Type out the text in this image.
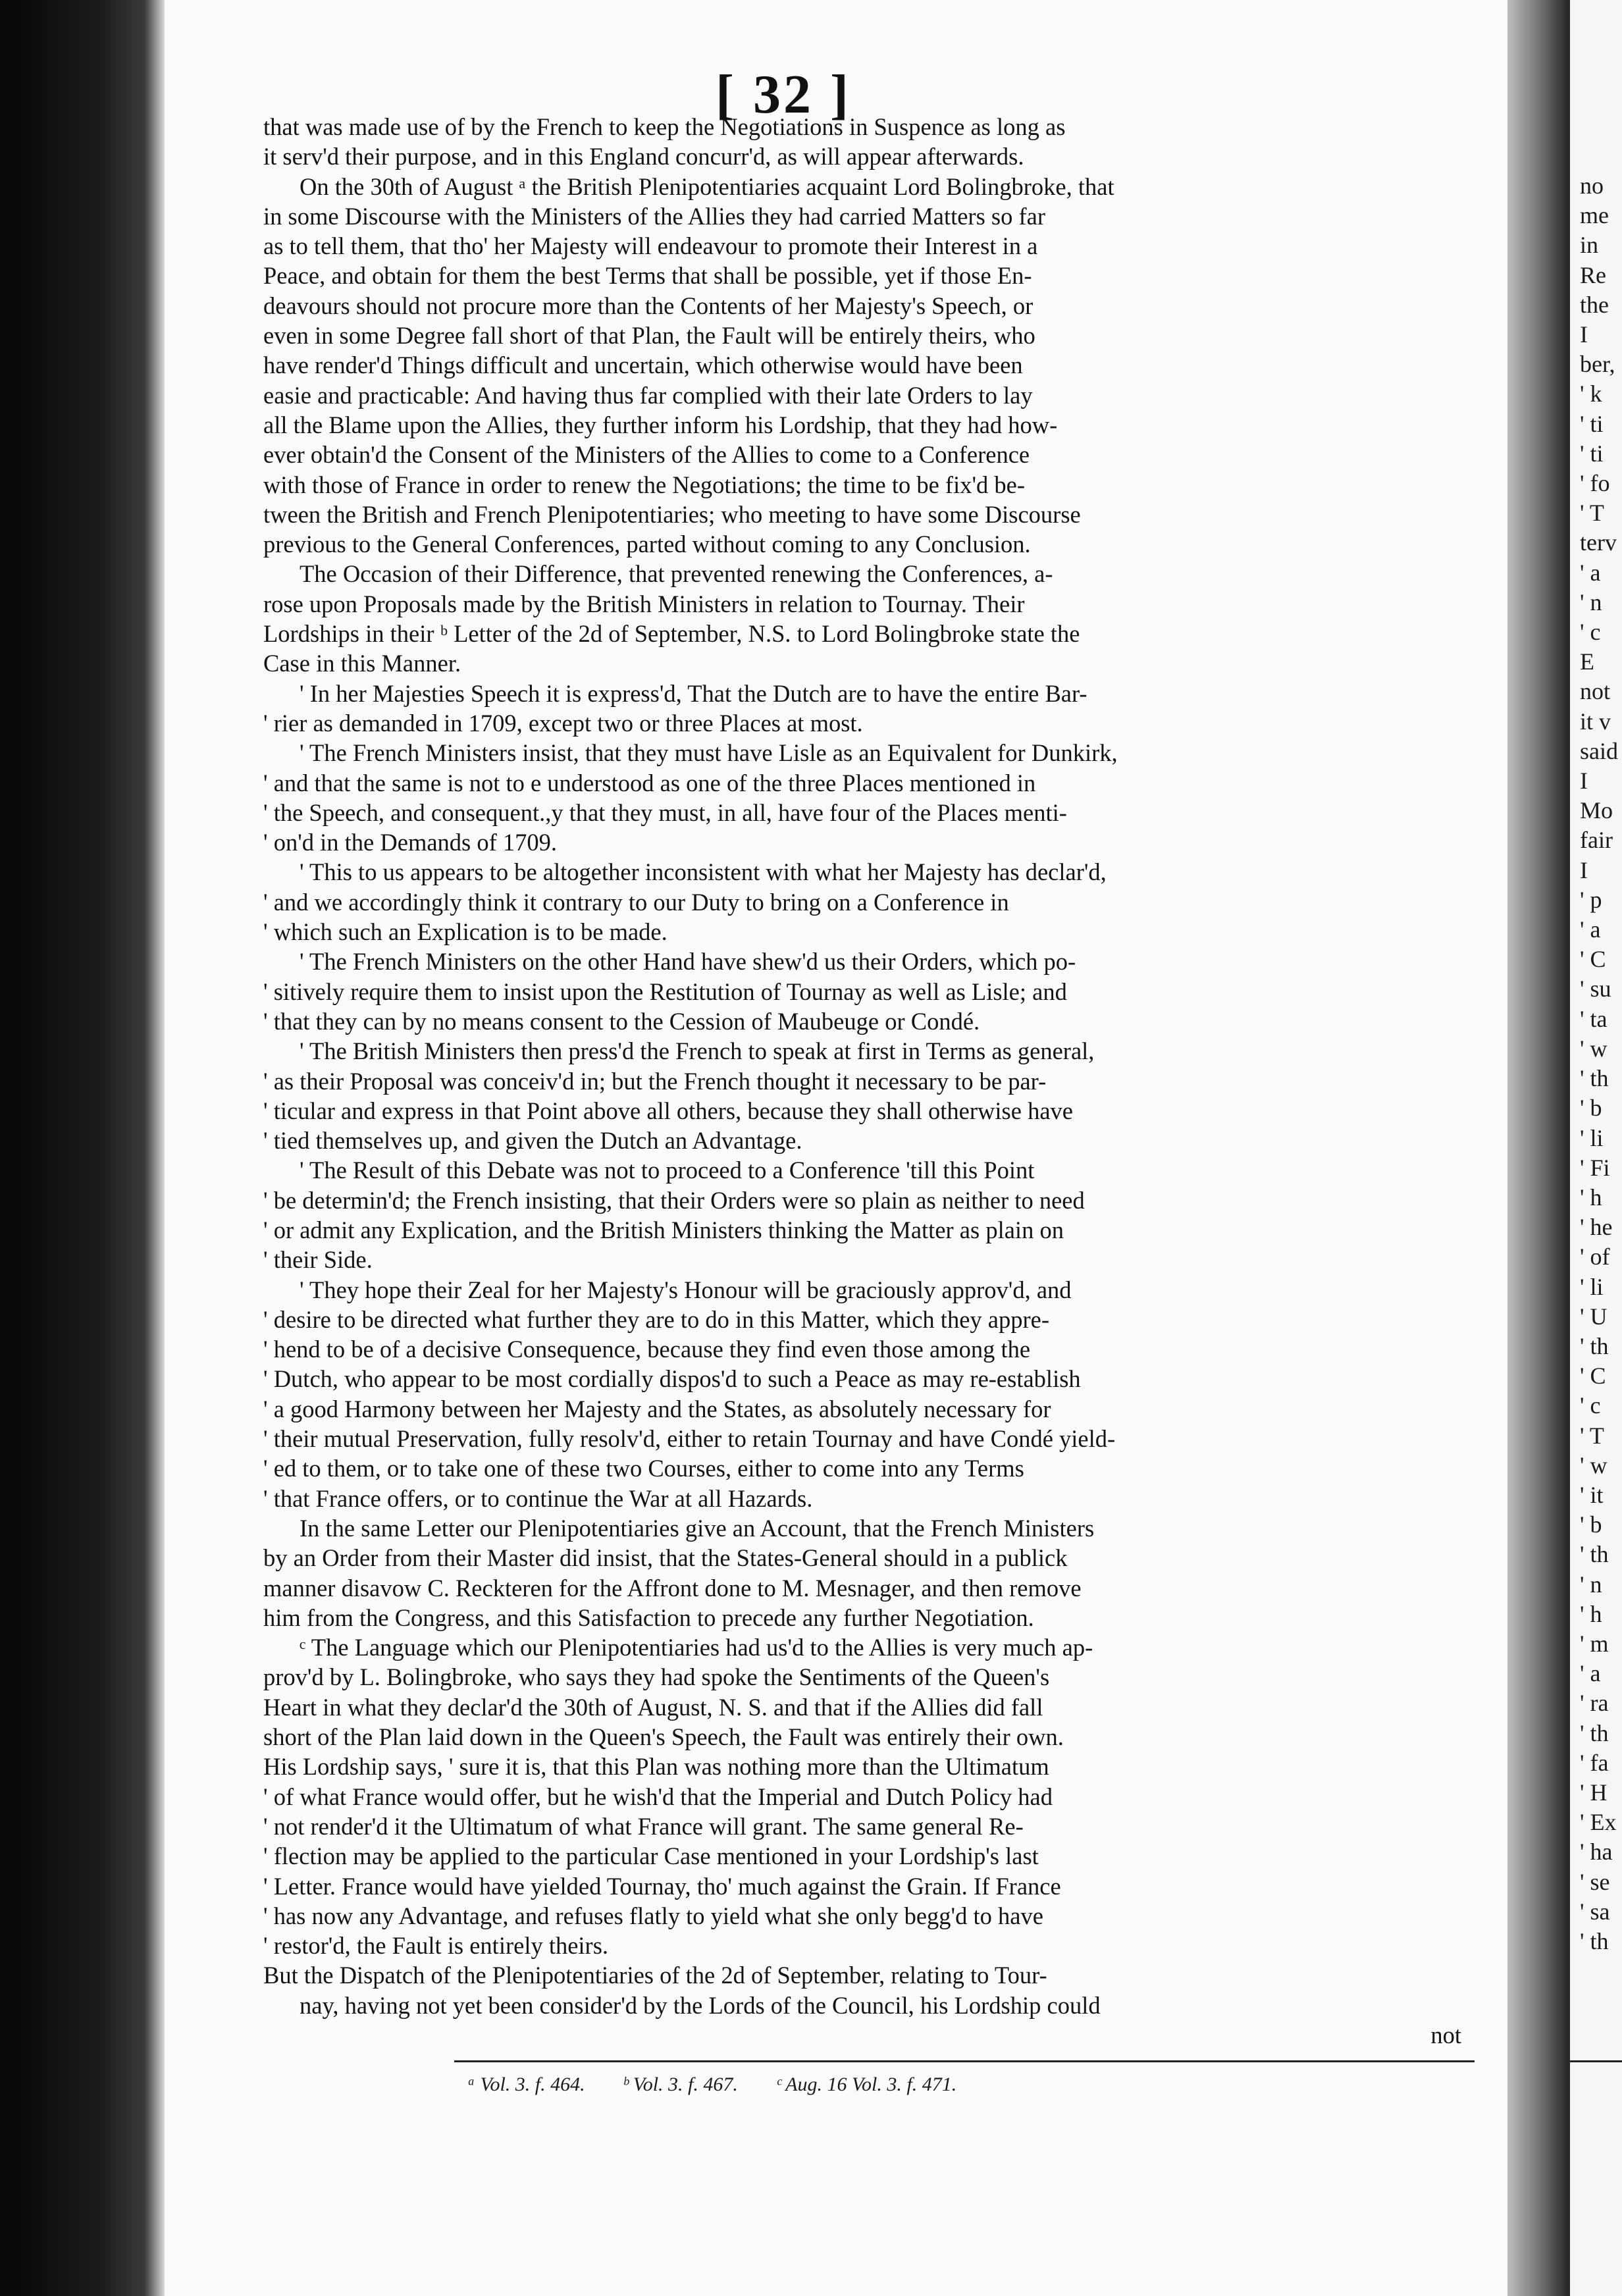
[ 32 ]
that was made use of by the French to keep the Negotiations in Suspence as long as
it serv'd their purpose, and in this England concurr'd, as will appear afterwards.
On the 30th of August ᵃ the British Plenipotentiaries acquaint Lord Bolingbroke, that
in some Discourse with the Ministers of the Allies they had carried Matters so far
as to tell them, that tho' her Majesty will endeavour to promote their Interest in a
Peace, and obtain for them the best Terms that shall be possible, yet if those En-
deavours should not procure more than the Contents of her Majesty's Speech, or
even in some Degree fall short of that Plan, the Fault will be entirely theirs, who
have render'd Things difficult and uncertain, which otherwise would have been
easie and practicable: And having thus far complied with their late Orders to lay
all the Blame upon the Allies, they further inform his Lordship, that they had how-
ever obtain'd the Consent of the Ministers of the Allies to come to a Conference
with those of France in order to renew the Negotiations; the time to be fix'd be-
tween the British and French Plenipotentiaries; who meeting to have some Discourse
previous to the General Conferences, parted without coming to any Conclusion.
The Occasion of their Difference, that prevented renewing the Conferences, a-
rose upon Proposals made by the British Ministers in relation to Tournay. Their
Lordships in their ᵇ Letter of the 2d of September, N.S. to Lord Bolingbroke state the
Case in this Manner.
' In her Majesties Speech it is express'd, That the Dutch are to have the entire Bar-
' rier as demanded in 1709, except two or three Places at most.
' The French Ministers insist, that they must have Lisle as an Equivalent for Dunkirk,
' and that the same is not to e understood as one of the three Places mentioned in
' the Speech, and consequent.,y that they must, in all, have four of the Places menti-
' on'd in the Demands of 1709.
' This to us appears to be altogether inconsistent with what her Majesty has declar'd,
' and we accordingly think it contrary to our Duty to bring on a Conference in
' which such an Explication is to be made.
' The French Ministers on the other Hand have shew'd us their Orders, which po-
' sitively require them to insist upon the Restitution of Tournay as well as Lisle; and
' that they can by no means consent to the Cession of Maubeuge or Condé.
' The British Ministers then press'd the French to speak at first in Terms as general,
' as their Proposal was conceiv'd in; but the French thought it necessary to be par-
' ticular and express in that Point above all others, because they shall otherwise have
' tied themselves up, and given the Dutch an Advantage.
' The Result of this Debate was not to proceed to a Conference 'till this Point
' be determin'd; the French insisting, that their Orders were so plain as neither to need
' or admit any Explication, and the British Ministers thinking the Matter as plain on
' their Side.
' They hope their Zeal for her Majesty's Honour will be graciously approv'd, and
' desire to be directed what further they are to do in this Matter, which they appre-
' hend to be of a decisive Consequence, because they find even those among the
' Dutch, who appear to be most cordially dispos'd to such a Peace as may re-establish
' a good Harmony between her Majesty and the States, as absolutely necessary for
' their mutual Preservation, fully resolv'd, either to retain Tournay and have Condé yield-
' ed to them, or to take one of these two Courses, either to come into any Terms
' that France offers, or to continue the War at all Hazards.
In the same Letter our Plenipotentiaries give an Account, that the French Ministers
by an Order from their Master did insist, that the States-General should in a publick
manner disavow C. Reckteren for the Affront done to M. Mesnager, and then remove
him from the Congress, and this Satisfaction to precede any further Negotiation.
ᶜ The Language which our Plenipotentiaries had us'd to the Allies is very much ap-
prov'd by L. Bolingbroke, who says they had spoke the Sentiments of the Queen's
Heart in what they declar'd the 30th of August, N. S. and that if the Allies did fall
short of the Plan laid down in the Queen's Speech, the Fault was entirely their own.
His Lordship says, ' sure it is, that this Plan was nothing more than the Ultimatum
' of what France would offer, but he wish'd that the Imperial and Dutch Policy had
' not render'd it the Ultimatum of what France will grant. The same general Re-
' flection may be applied to the particular Case mentioned in your Lordship's last
' Letter. France would have yielded Tournay, tho' much against the Grain. If France
' has now any Advantage, and refuses flatly to yield what she only begg'd to have
' restor'd, the Fault is entirely theirs.
But the Dispatch of the Plenipotentiaries of the 2d of September, relating to Tour-
nay, having not yet been consider'd by the Lords of the Council, his Lordship could
not
ᵃ Vol. 3. f. 464. ᵇ Vol. 3. f. 467. ᶜ Aug. 16 Vol. 3. f. 471.
no
me
in
Re
the
I
ber,
' k
' ti
' ti
' fo
' T
terv
' a
' n
' c
E
not
it v
said
I
Mo
fair
I
' p
' a
' C
' su
' ta
' w
' th
' b
' li
' Fi
' h
' he
' of
' li
' U
' th
' C
' c
' T
' w
' it
' b
' th
' n
' h
' m
' a
' ra
' th
' fa
' H
' Ex
' ha
' se
' sa
' th
